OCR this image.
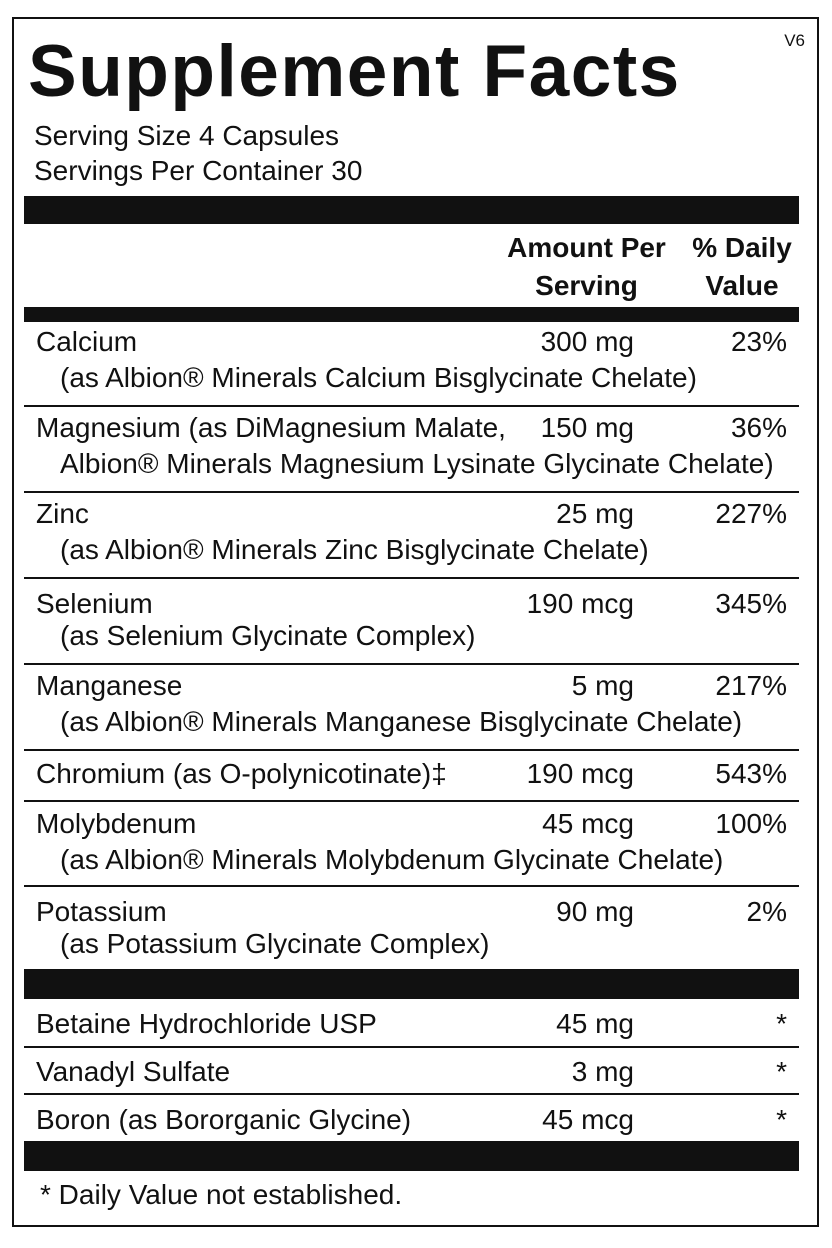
Supplement Facts	V6
Serving Size 4 Capsules
Servings Per Container 30
Amount Per
Serving
% Daily
Value
Calcium
(as Albion® Minerals Calcium Bisglycinate Chelate)
300 mg	23%
Magnesium (as DiMagnesium Malate,
Albion® Minerals Magnesium Lysinate Glycinate Chelate)
150 mg	36%
Zinc
(as Albion® Minerals Zinc Bisglycinate Chelate)
25 mg	227%
Selenium
(as Selenium Glycinate Complex)
190 mcg	345%
Manganese
(as Albion® Minerals Manganese Bisglycinate Chelate)
5 mg	217%
Chromium (as O-polynicotinate)‡	190 mcg	543%
Molybdenum
(as Albion® Minerals Molybdenum Glycinate Chelate)
45 mcg	100%
Potassium
(as Potassium Glycinate Complex)
90 mg	2%
Betaine Hydrochloride USP	45 mg	*
Vanadyl Sulfate	3 mg	*
Boron (as Bororganic Glycine)	45 mcg	*
* Daily Value not established.
